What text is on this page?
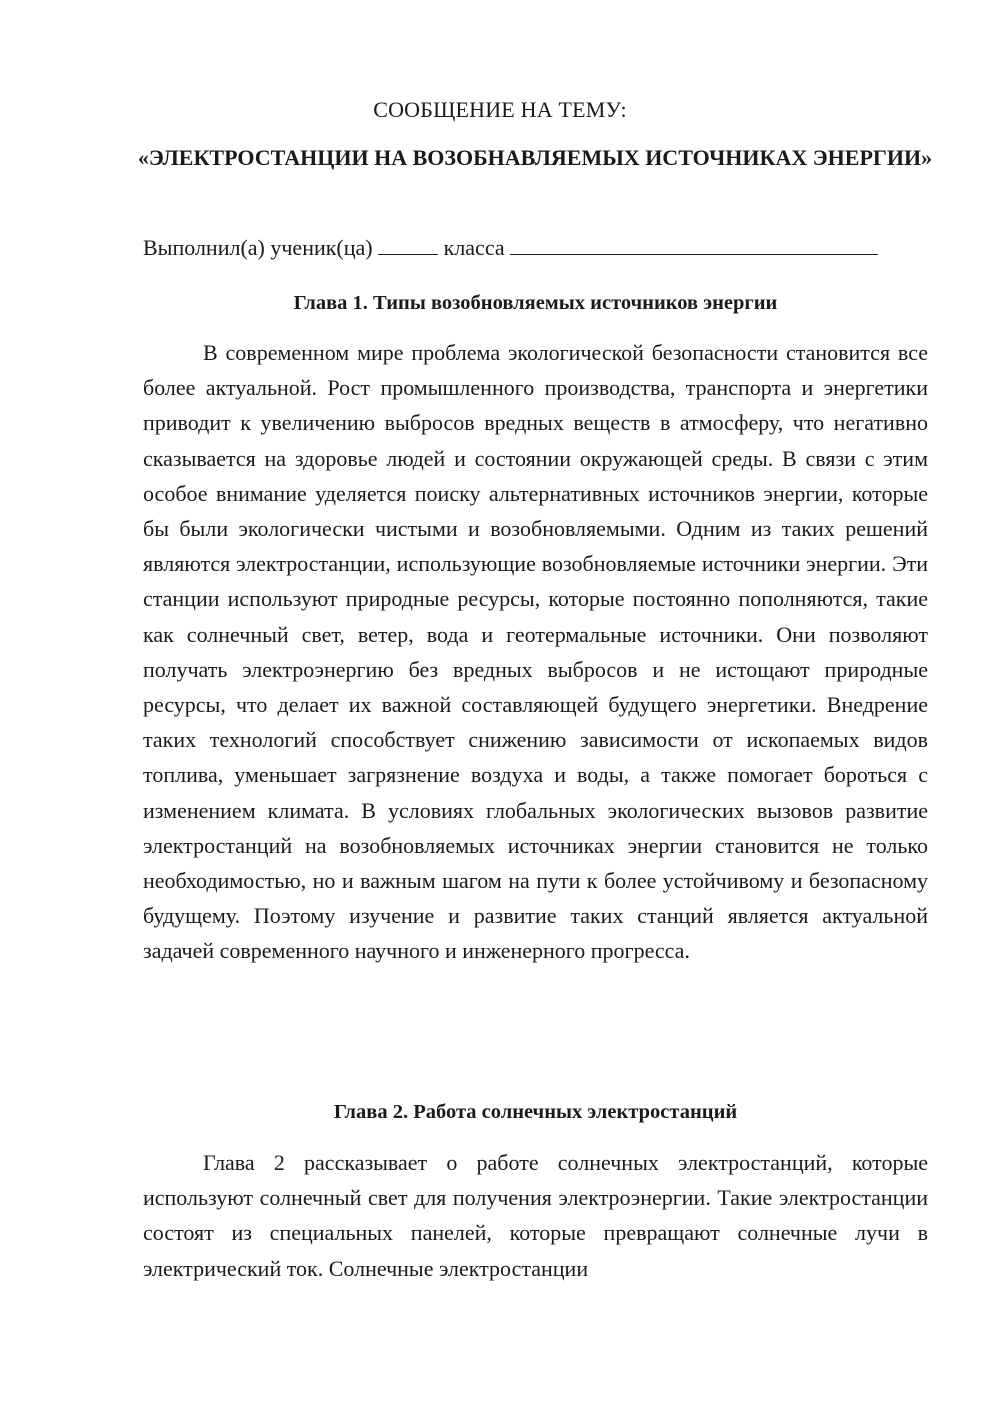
СООБЩЕНИЕ НА ТЕМУ:
«ЭЛЕКТРОСТАНЦИИ НА ВОЗОБНАВЛЯЕМЫХ ИСТОЧНИКАХ ЭНЕРГИИ»
Выполнил(а) ученик(ца)	класса
Глава 1. Типы возобновляемых источников энергии

В современном мире проблема экологической безопасности становится все более актуальной. Рост промышленного производства, транспорта и энергетики приводит к увеличению выбросов вредных веществ в атмосферу, что негативно сказывается на здоровье людей и состоянии окружающей среды. В связи с этим особое внимание уделяется поиску альтернативных источников энергии, которые бы были экологически чистыми и возобновляемыми. Одним из таких решений являются электростанции, использующие возобновляемые источники энергии. Эти станции используют природные ресурсы, которые постоянно пополняются, такие как солнечный свет, ветер, вода и геотермальные источники. Они позволяют получать электроэнергию без вредных выбросов и не истощают природные ресурсы, что делает их важной составляющей будущего энергетики. Внедрение таких технологий способствует снижению зависимости от ископаемых видов топлива, уменьшает загрязнение воздуха и воды, а также помогает бороться с изменением климата. В условиях глобальных экологических вызовов развитие электростанций на возобновляемых источниках энергии становится не только необходимостью, но и важным шагом на пути к более устойчивому и безопасному будущему. Поэтому изучение и развитие таких станций является актуальной задачей современного научного и инженерного прогресса.

Глава 2. Работа солнечных электростанций

Глава 2 рассказывает о работе солнечных электростанций, которые используют солнечный свет для получения электроэнергии. Такие электростанции состоят из специальных панелей, которые превращают солнечные лучи в электрический ток. Солнечные электростанции
